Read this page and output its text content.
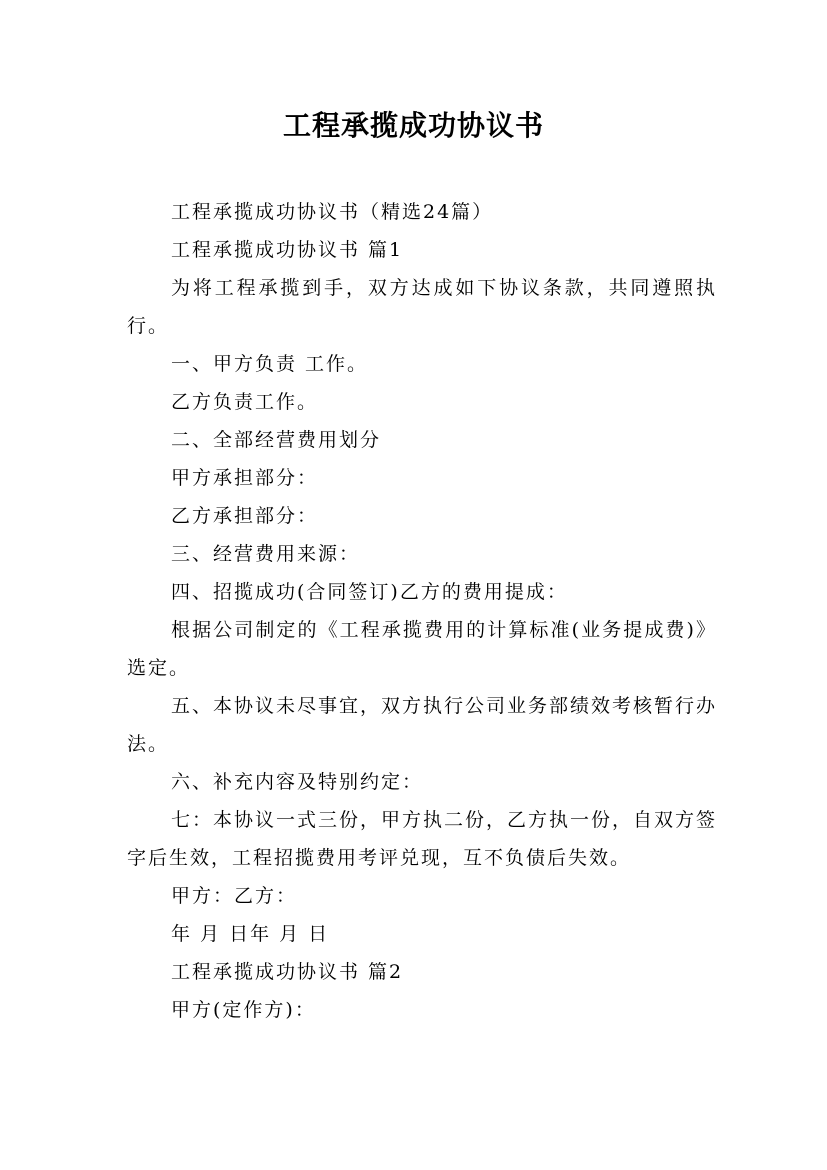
工程承揽成功协议书

工程承揽成功协议书（精选24篇）

工程承揽成功协议书 篇1

为将工程承揽到手，双方达成如下协议条款，共同遵照执行。

一、甲方负责 工作。

乙方负责工作。

二、全部经营费用划分

甲方承担部分：

乙方承担部分：

三、经营费用来源：

四、招揽成功(合同签订)乙方的费用提成：

根据公司制定的《工程承揽费用的计算标准(业务提成费)》选定。

五、本协议未尽事宜，双方执行公司业务部绩效考核暂行办法。

六、补充内容及特别约定：

七：本协议一式三份，甲方执二份，乙方执一份，自双方签字后生效，工程招揽费用考评兑现，互不负债后失效。

甲方：乙方：

年 月 日年 月 日

工程承揽成功协议书 篇2

甲方(定作方)：
